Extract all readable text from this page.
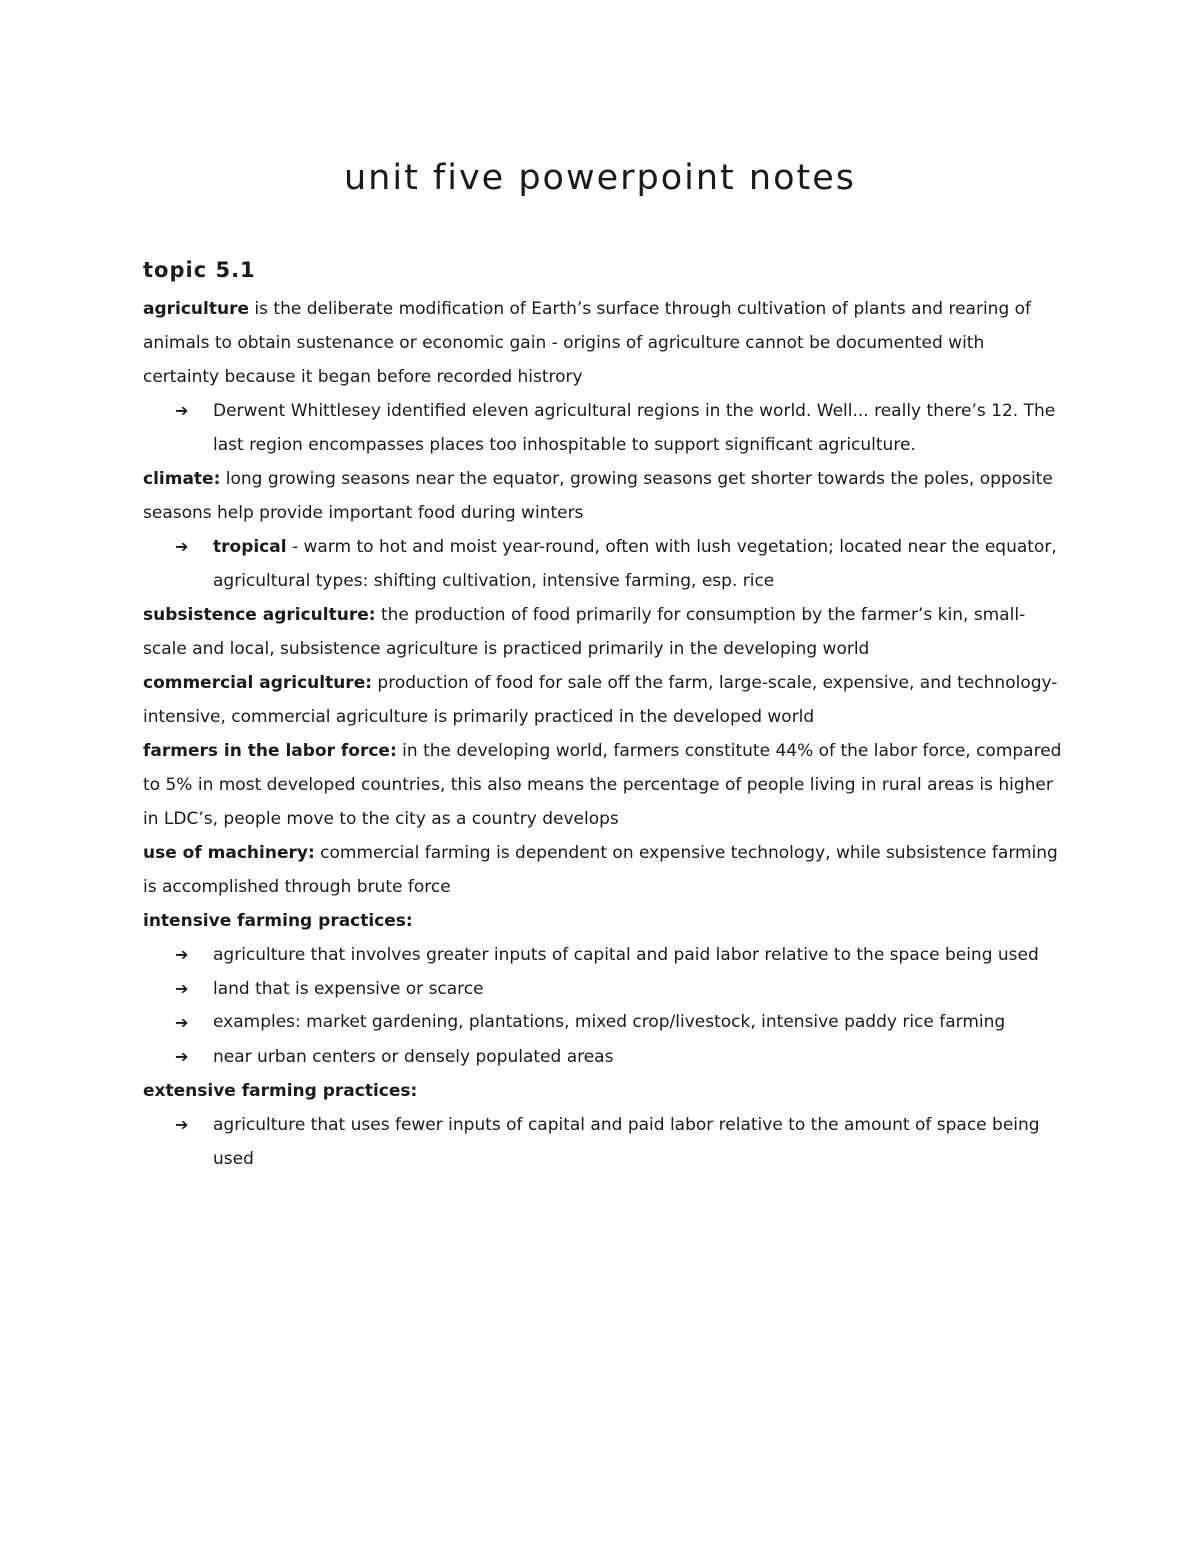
unit five powerpoint notes
topic 5.1

agriculture is the deliberate modification of Earth’s surface through cultivation of plants and rearing of animals to obtain sustenance or economic gain - origins of agriculture cannot be documented with certainty because it began before recorded histrory

➔ Derwent Whittlesey identified eleven agricultural regions in the world. Well... really there’s 12. The last region encompasses places too inhospitable to support significant agriculture.

climate: long growing seasons near the equator, growing seasons get shorter towards the poles, opposite seasons help provide important food during winters

➔ tropical - warm to hot and moist year-round, often with lush vegetation; located near the equator, agricultural types: shifting cultivation, intensive farming, esp. rice

subsistence agriculture: the production of food primarily for consumption by the farmer’s kin, small-scale and local, subsistence agriculture is practiced primarily in the developing world

commercial agriculture: production of food for sale off the farm, large-scale, expensive, and technology-intensive, commercial agriculture is primarily practiced in the developed world

farmers in the labor force: in the developing world, farmers constitute 44% of the labor force, compared to 5% in most developed countries, this also means the percentage of people living in rural areas is higher in LDC’s, people move to the city as a country develops

use of machinery: commercial farming is dependent on expensive technology, while subsistence farming is accomplished through brute force

intensive farming practices:

➔ agriculture that involves greater inputs of capital and paid labor relative to the space being used
➔ land that is expensive or scarce
➔ examples: market gardening, plantations, mixed crop/livestock, intensive paddy rice farming
➔ near urban centers or densely populated areas

extensive farming practices:

➔ agriculture that uses fewer inputs of capital and paid labor relative to the amount of space being used
